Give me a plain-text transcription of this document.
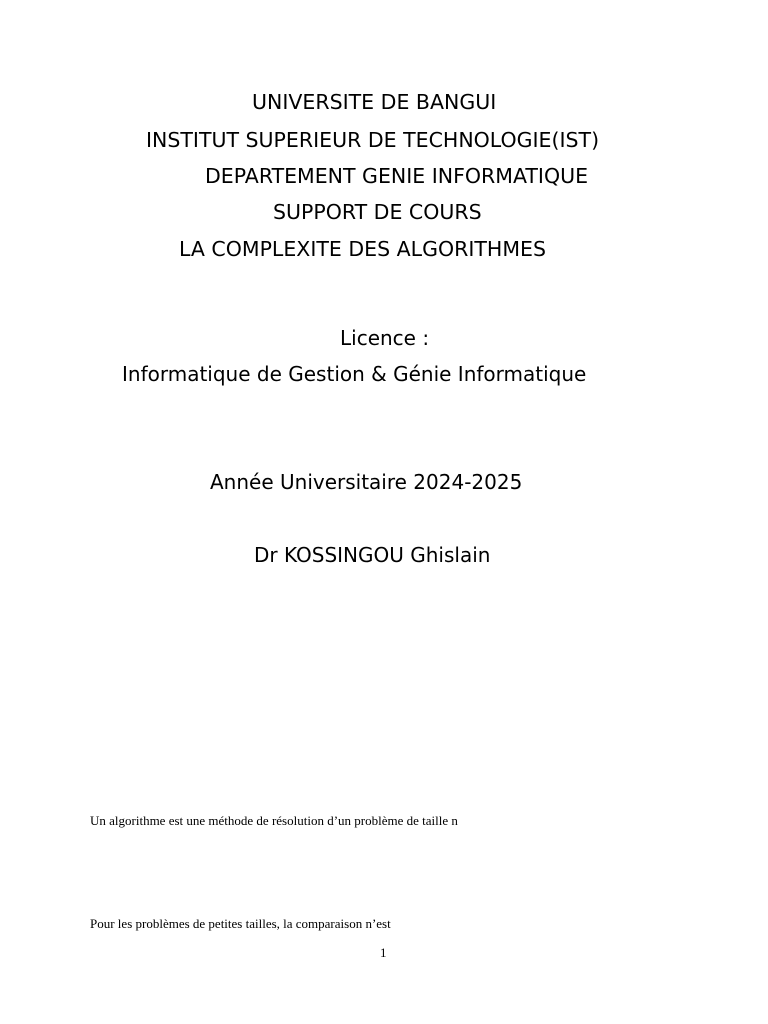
UNIVERSITE DE BANGUI
INSTITUT SUPERIEUR DE TECHNOLOGIE(IST)
DEPARTEMENT GENIE INFORMATIQUE
SUPPORT DE COURS
LA COMPLEXITE DES ALGORITHMES
Licence :
Informatique de Gestion & Génie Informatique
Année Universitaire 2024-2025
Dr KOSSINGOU Ghislain
Un algorithme est une méthode de résolution d’un problème de taille n
Pour les problèmes de petites tailles, la comparaison n’est
1
